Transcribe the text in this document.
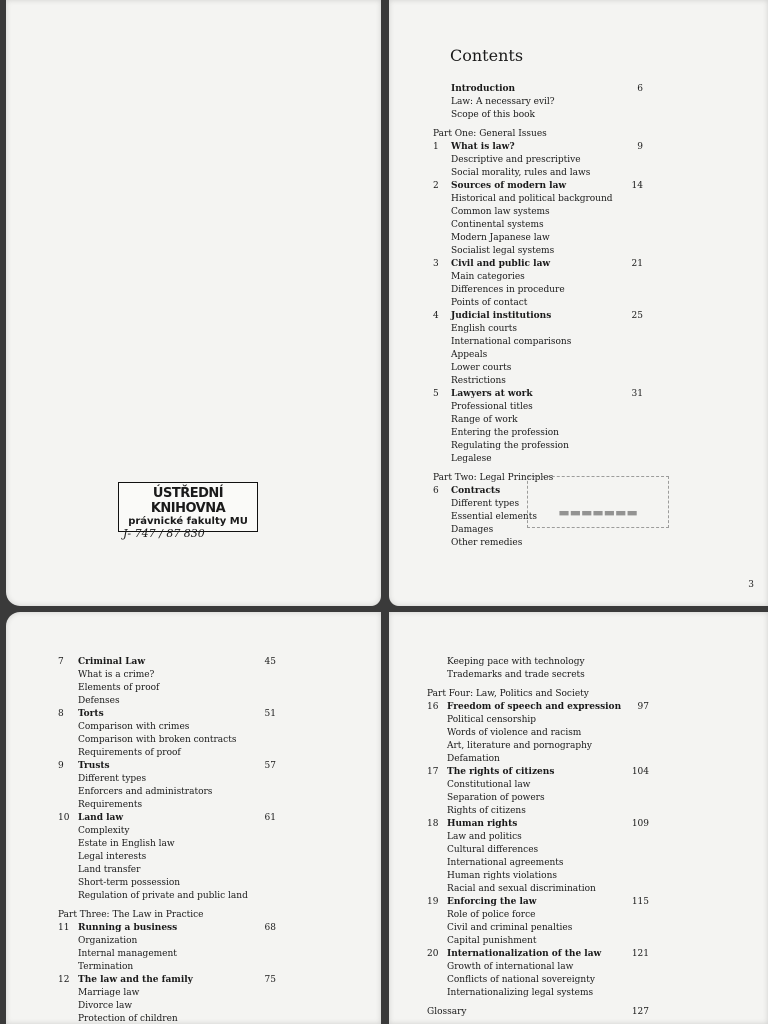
ÚSTŘEDNÍ KNIHOVNA
právnické fakulty MU
J- 747 / 87 830
Contents
Introduction	6
Law: A necessary evil?
Scope of this book
Part One: General Issues
1	What is law?	9
Descriptive and prescriptive
Social morality, rules and laws
2	Sources of modern law	14
Historical and political background
Common law systems
Continental systems
Modern Japanese law
Socialist legal systems
3	Civil and public law	21
Main categories
Differences in procedure
Points of contact
4	Judicial institutions	25
English courts
International comparisons
Appeals
Lower courts
Restrictions
5	Lawyers at work	31
Professional titles
Range of work
Entering the profession
Regulating the profession
Legalese
Part Two: Legal Principles
6	Contracts
Different types
Essential elements
Damages
Other remedies
▬▬▬▬▬▬▬
3
7	Criminal Law	45
What is a crime?
Elements of proof
Defenses
8	Torts	51
Comparison with crimes
Comparison with broken contracts
Requirements of proof
9	Trusts	57
Different types
Enforcers and administrators
Requirements
10 Land law	61
Complexity
Estate in English law
Legal interests
Land transfer
Short-term possession
Regulation of private and public land
Part Three: The Law in Practice
11 Running a business	68
Organization
Internal management
Termination
12 The law and the family	75
Marriage law
Divorce law
Protection of children
Keeping pace with technology
Trademarks and trade secrets
Part Four: Law, Politics and Society
16 Freedom of speech and expression 97
Political censorship
Words of violence and racism
Art, literature and pornography
Defamation
17 The rights of citizens	104
Constitutional law
Separation of powers
Rights of citizens
18 Human rights	109
Law and politics
Cultural differences
International agreements
Human rights violations
Racial and sexual discrimination
19 Enforcing the law	115
Role of police force
Civil and criminal penalties
Capital punishment
20 Internationalization of the law	121
Growth of international law
Conflicts of national sovereignty
Internationalizing legal systems
Glossary	127
